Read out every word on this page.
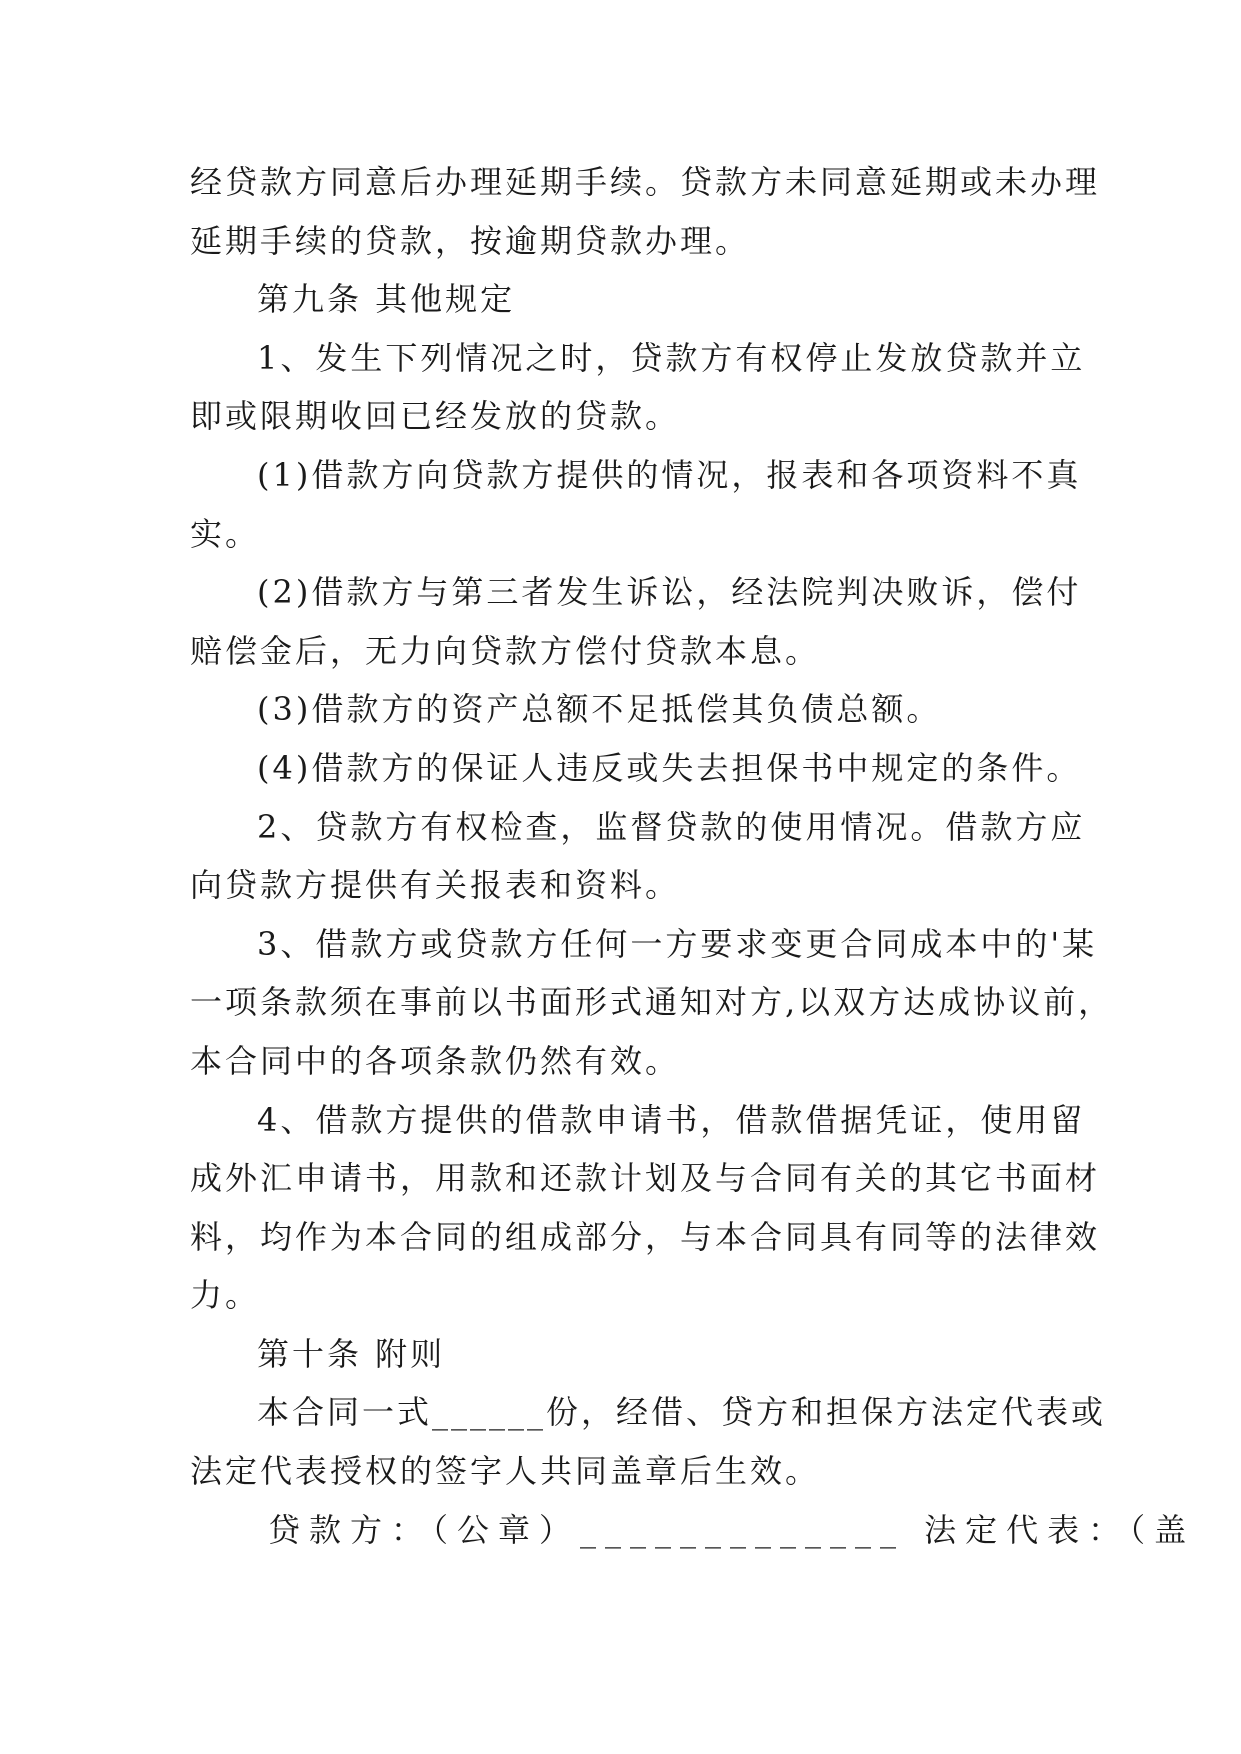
经贷款方同意后办理延期手续。贷款方未同意延期或未办理
延期手续的贷款，按逾期贷款办理。
第九条 其他规定
1、发生下列情况之时，贷款方有权停止发放贷款并立
即或限期收回已经发放的贷款。
(1)借款方向贷款方提供的情况，报表和各项资料不真
实。
(2)借款方与第三者发生诉讼，经法院判决败诉，偿付
赔偿金后，无力向贷款方偿付贷款本息。
(3)借款方的资产总额不足抵偿其负债总额。
(4)借款方的保证人违反或失去担保书中规定的条件。
2、贷款方有权检查，监督贷款的使用情况。借款方应
向贷款方提供有关报表和资料。
3、借款方或贷款方任何一方要求变更合同成本中的'某
一项条款须在事前以书面形式通知对方,以双方达成协议前，
本合同中的各项条款仍然有效。
4、借款方提供的借款申请书，借款借据凭证，使用留
成外汇申请书，用款和还款计划及与合同有关的其它书面材
料，均作为本合同的组成部分，与本合同具有同等的法律效
力。
第十条 附则
本合同一式______份，经借、贷方和担保方法定代表或
法定代表授权的签字人共同盖章后生效。
贷款方：（公章）_____________ 法定代表：（盖
